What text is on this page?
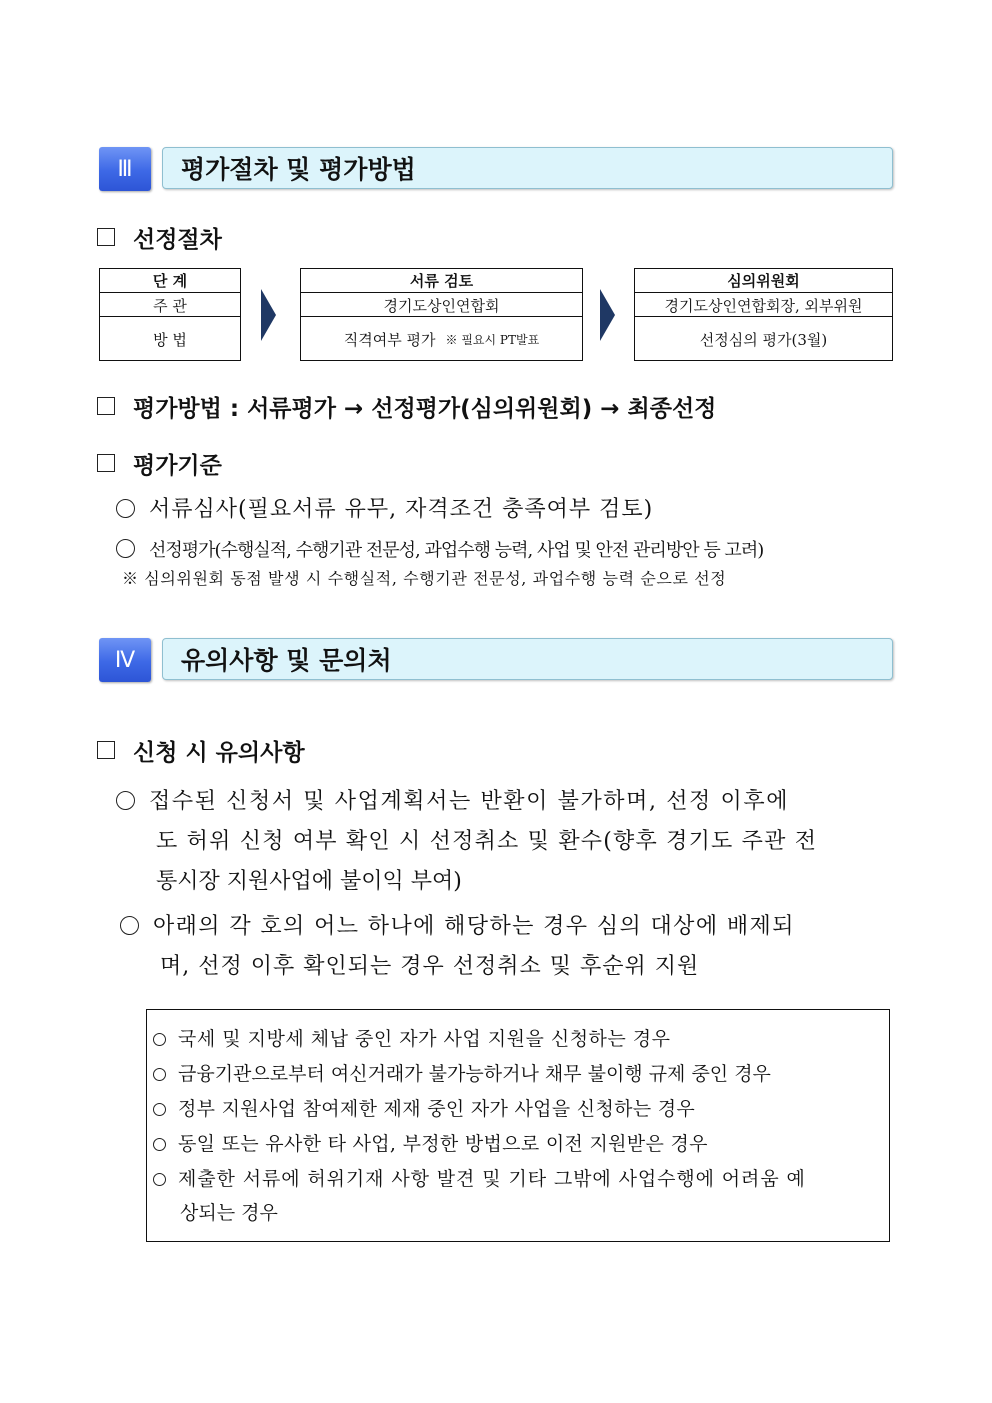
Ⅲ 평가절차 및 평가방법
선정절차
단 계
주 관
방 법
서류 검토
경기도상인연합회
직격여부 평가 ※ 필요시 PT발표
심의위원회
경기도상인연합회장, 외부위원
선정심의 평가(3월)
평가방법 : 서류평가 → 선정평가(심의위원회) → 최종선정
평가기준
서류심사(필요서류 유무, 자격조건 충족여부 검토)
선정평가(수행실적, 수행기관 전문성, 과업수행 능력, 사업 및 안전 관리방안 등 고려)
※ 심의위원회 동점 발생 시 수행실적, 수행기관 전문성, 과업수행 능력 순으로 선정
Ⅳ 유의사항 및 문의처
신청 시 유의사항
접수된 신청서 및 사업계획서는 반환이 불가하며, 선정 이후에
도 허위 신청 여부 확인 시 선정취소 및 환수(향후 경기도 주관 전
통시장 지원사업에 불이익 부여)
아래의 각 호의 어느 하나에 해당하는 경우 심의 대상에 배제되
며, 선정 이후 확인되는 경우 선정취소 및 후순위 지원
국세 및 지방세 체납 중인 자가 사업 지원을 신청하는 경우
금융기관으로부터 여신거래가 불가능하거나 채무 불이행 규제 중인 경우
정부 지원사업 참여제한 제재 중인 자가 사업을 신청하는 경우
동일 또는 유사한 타 사업, 부정한 방법으로 이전 지원받은 경우
제출한 서류에 허위기재 사항 발견 및 기타 그밖에 사업수행에 어려움 예
상되는 경우
